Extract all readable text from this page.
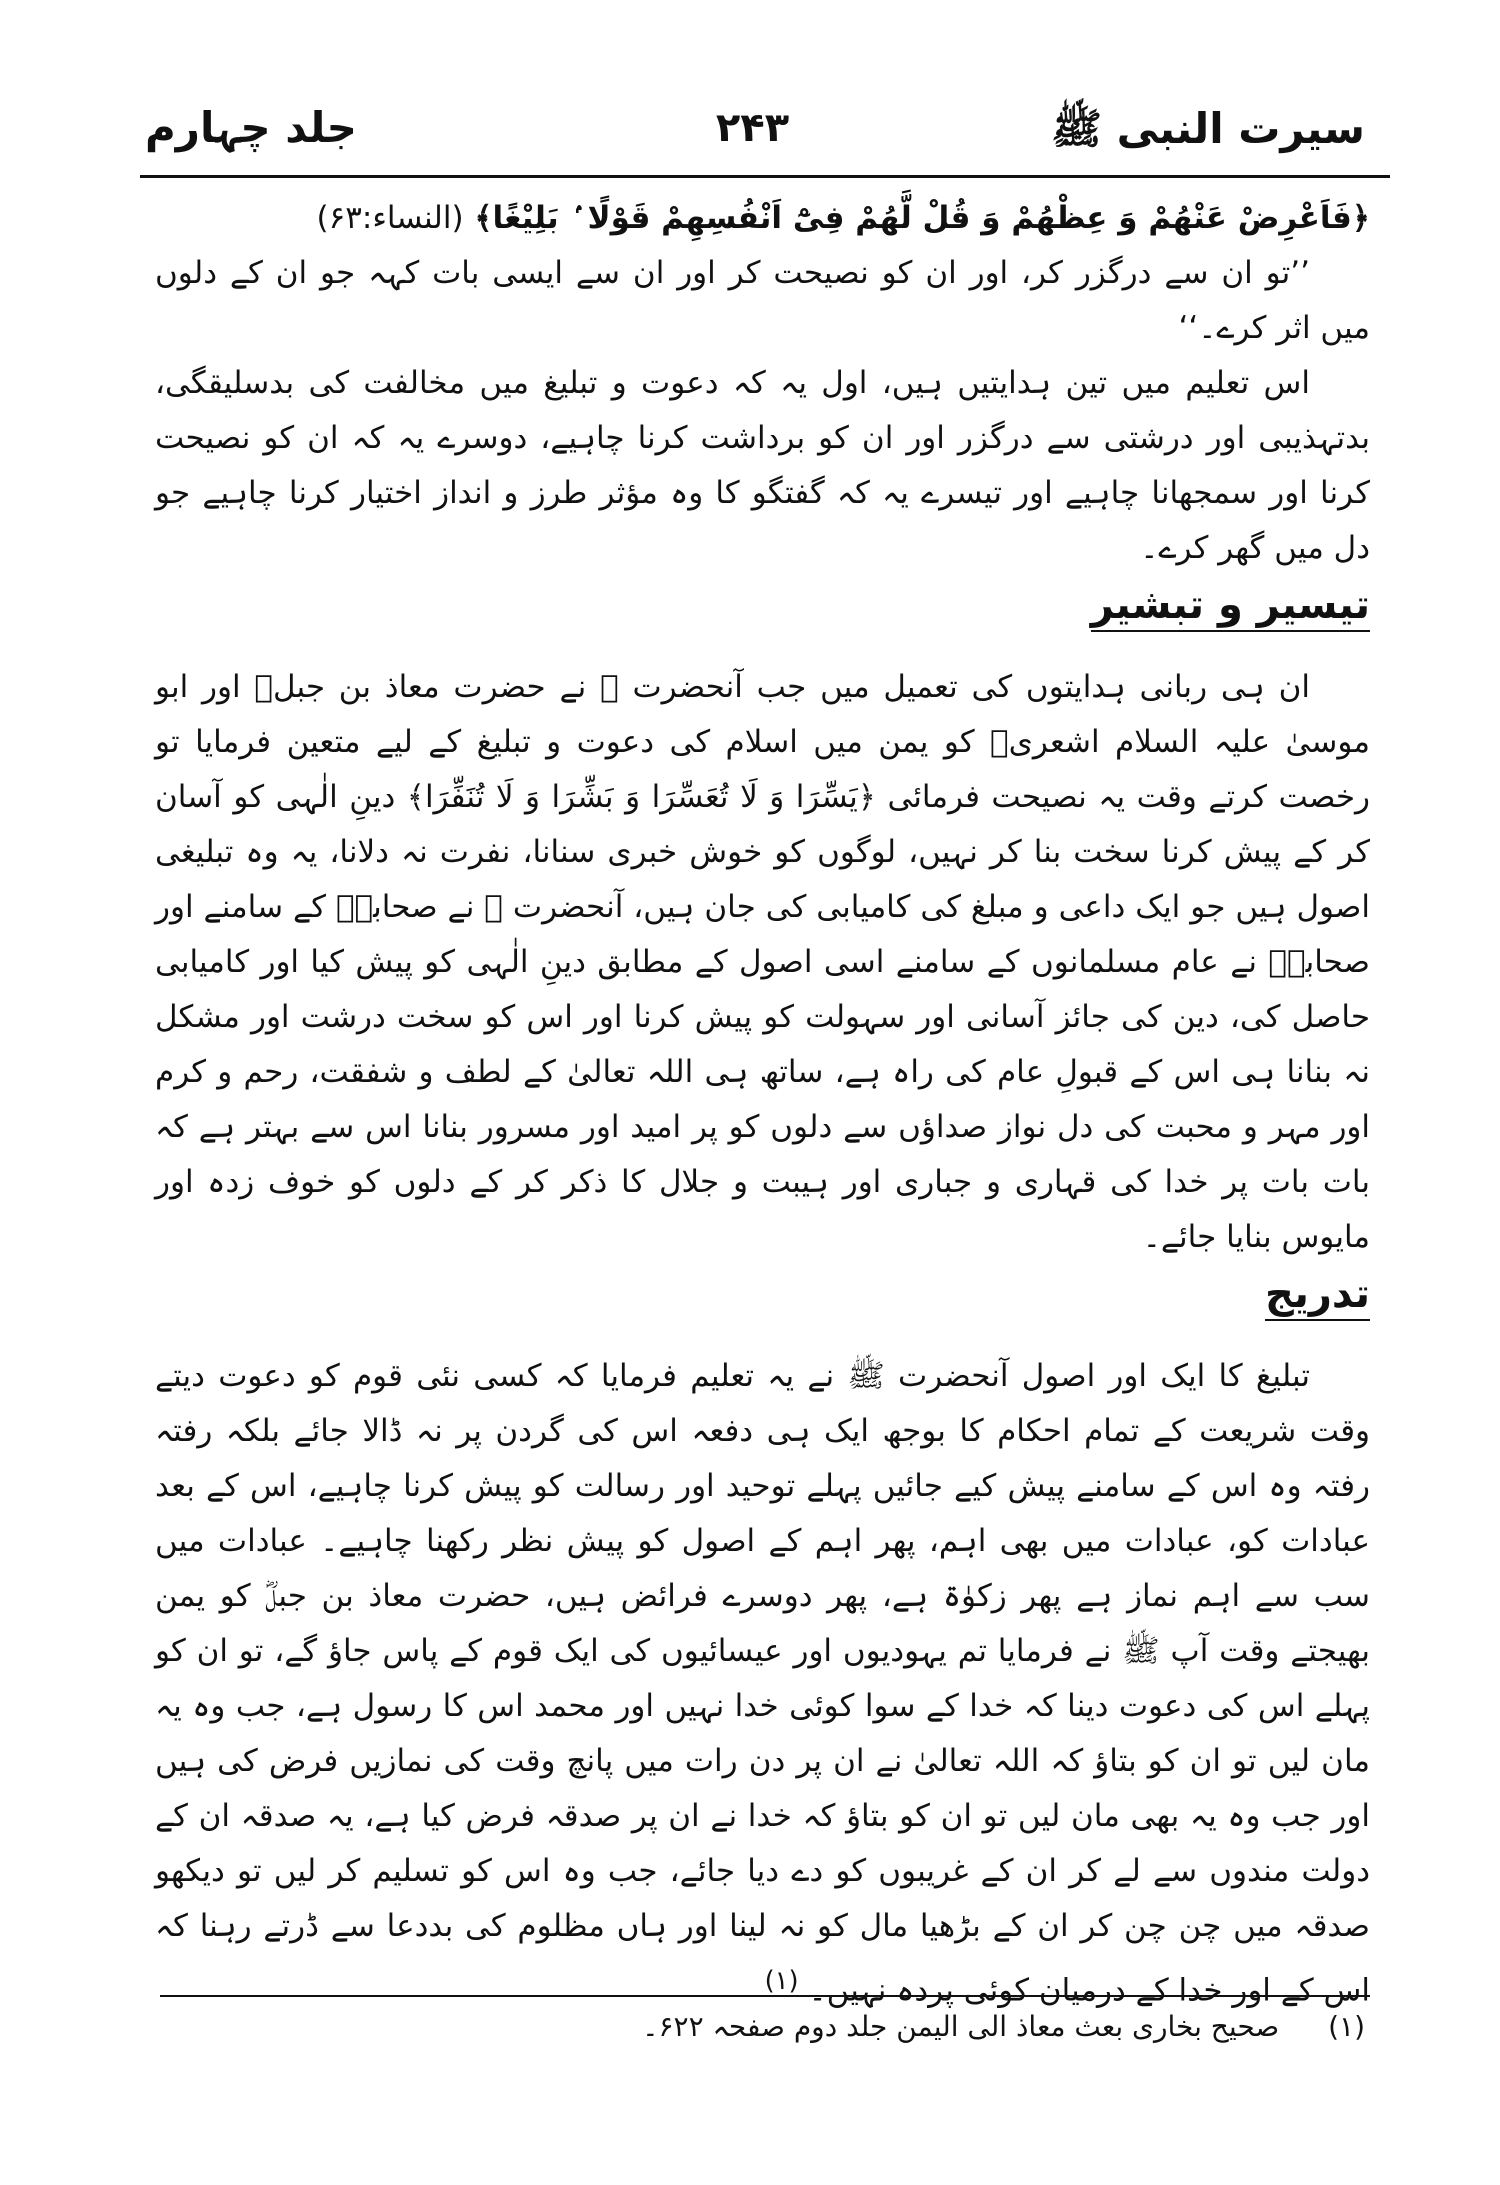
سیرت النبی ﷺ
۲۴۳
جلد چہارم
﴿فَاَعْرِضْ عَنْهُمْ وَ عِظْهُمْ وَ قُلْ لَّهُمْ فِیْٓ اَنْفُسِهِمْ قَوْلًا ۢ بَلِیْغًا﴾ (النساء:۶۳)

’’تو ان سے درگزر کر، اور ان کو نصیحت کر اور ان سے ایسی بات کہہ جو ان کے دلوں میں اثر کرے۔‘‘

اس تعلیم میں تین ہدایتیں ہیں، اول یہ کہ دعوت و تبلیغ میں مخالفت کی بدسلیقگی، بدتہذیبی اور درشتی سے درگزر اور ان کو برداشت کرنا چاہیے، دوسرے یہ کہ ان کو نصیحت کرنا اور سمجھانا چاہیے اور تیسرے یہ کہ گفتگو کا وہ مؤثر طرز و انداز اختیار کرنا چاہیے جو دل میں گھر کرے۔

تیسیر و تبشیر

ان ہی ربانی ہدایتوں کی تعمیل میں جب آنحضرت ﷺ نے حضرت معاذ بن جبلؓ اور ابو موسیٰ علیہ السلام اشعریؓ کو یمن میں اسلام کی دعوت و تبلیغ کے لیے متعین فرمایا تو رخصت کرتے وقت یہ نصیحت فرمائی ﴿یَسِّرَا وَ لَا تُعَسِّرَا وَ بَشِّرَا وَ لَا تُنَفِّرَا﴾ دینِ الٰہی کو آسان کر کے پیش کرنا سخت بنا کر نہیں، لوگوں کو خوش خبری سنانا، نفرت نہ دلانا، یہ وہ تبلیغی اصول ہیں جو ایک داعی و مبلغ کی کامیابی کی جان ہیں، آنحضرت ﷺ نے صحابہؓ کے سامنے اور صحابہؓ نے عام مسلمانوں کے سامنے اسی اصول کے مطابق دینِ الٰہی کو پیش کیا اور کامیابی حاصل کی، دین کی جائز آسانی اور سہولت کو پیش کرنا اور اس کو سخت درشت اور مشکل نہ بنانا ہی اس کے قبولِ عام کی راہ ہے، ساتھ ہی اللہ تعالیٰ کے لطف و شفقت، رحم و کرم اور مہر و محبت کی دل نواز صداؤں سے دلوں کو پر امید اور مسرور بنانا اس سے بہتر ہے کہ بات بات پر خدا کی قہاری و جباری اور ہیبت و جلال کا ذکر کر کے دلوں کو خوف زدہ اور مایوس بنایا جائے۔

تدریج

تبلیغ کا ایک اور اصول آنحضرت ﷺ نے یہ تعلیم فرمایا کہ کسی نئی قوم کو دعوت دیتے وقت شریعت کے تمام احکام کا بوجھ ایک ہی دفعہ اس کی گردن پر نہ ڈالا جائے بلکہ رفتہ رفتہ وہ اس کے سامنے پیش کیے جائیں پہلے توحید اور رسالت کو پیش کرنا چاہیے، اس کے بعد عبادات کو، عبادات میں بھی اہم، پھر اہم کے اصول کو پیش نظر رکھنا چاہیے۔ عبادات میں سب سے اہم نماز ہے پھر زکوٰۃ ہے، پھر دوسرے فرائض ہیں، حضرت معاذ بن جبلؓ کو یمن بھیجتے وقت آپ ﷺ نے فرمایا تم یہودیوں اور عیسائیوں کی ایک قوم کے پاس جاؤ گے، تو ان کو پہلے اس کی دعوت دینا کہ خدا کے سوا کوئی خدا نہیں اور محمد اس کا رسول ہے، جب وہ یہ مان لیں تو ان کو بتاؤ کہ اللہ تعالیٰ نے ان پر دن رات میں پانچ وقت کی نمازیں فرض کی ہیں اور جب وہ یہ بھی مان لیں تو ان کو بتاؤ کہ خدا نے ان پر صدقہ فرض کیا ہے، یہ صدقہ ان کے دولت مندوں سے لے کر ان کے غریبوں کو دے دیا جائے، جب وہ اس کو تسلیم کر لیں تو دیکھو صدقہ میں چن چن کر ان کے بڑھیا مال کو نہ لینا اور ہاں مظلوم کی بددعا سے ڈرتے رہنا کہ اس کے اور خدا کے درمیان کوئی پردہ نہیں۔ $^{(۱)}$

(۱) صحیح بخاری بعث معاذ الی الیمن جلد دوم صفحہ ۶۲۲۔
